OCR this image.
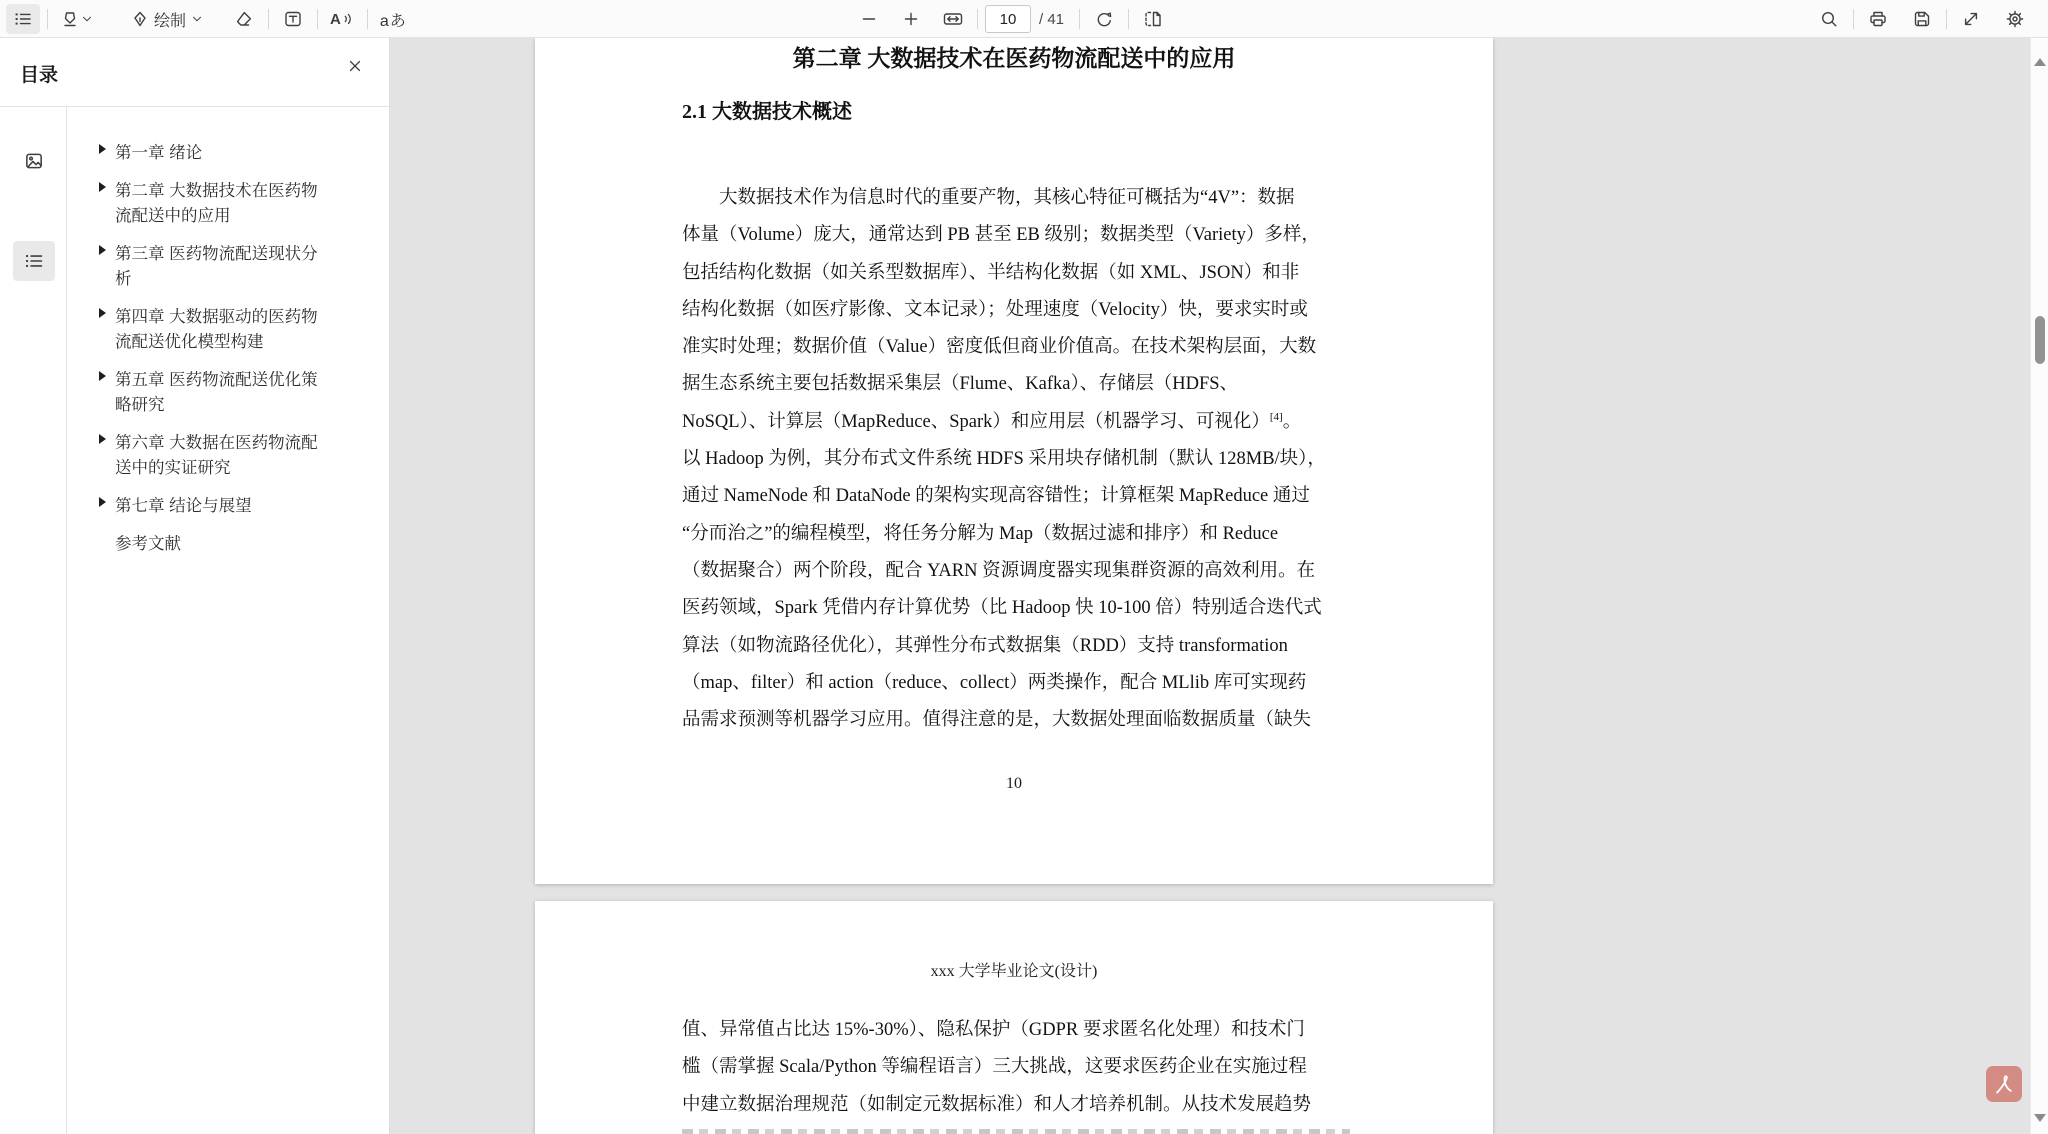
绘制	A aあ
10	/ 41
第二章 大数据技术在医药物流配送中的应用
2.1 大数据技术概述
大数据技术作为信息时代的重要产物，其核心特征可概括为“4V”：数据
体量（Volume）庞大，通常达到 PB 甚至 EB 级别；数据类型（Variety）多样，
包括结构化数据（如关系型数据库）、半结构化数据（如 XML、JSON）和非
结构化数据（如医疗影像、文本记录）；处理速度（Velocity）快，要求实时或
准实时处理；数据价值（Value）密度低但商业价值高。在技术架构层面，大数
据生态系统主要包括数据采集层（Flume、Kafka）、存储层（HDFS、
NoSQL）、计算层（MapReduce、Spark）和应用层（机器学习、可视化）[4]。
以 Hadoop 为例，其分布式文件系统 HDFS 采用块存储机制（默认 128MB/块），
通过 NameNode 和 DataNode 的架构实现高容错性；计算框架 MapReduce 通过
“分而治之”的编程模型，将任务分解为 Map（数据过滤和排序）和 Reduce
（数据聚合）两个阶段，配合 YARN 资源调度器实现集群资源的高效利用。在
医药领域，Spark 凭借内存计算优势（比 Hadoop 快 10-100 倍）特别适合迭代式
算法（如物流路径优化），其弹性分布式数据集（RDD）支持 transformation
（map、filter）和 action（reduce、collect）两类操作，配合 MLlib 库可实现药
品需求预测等机器学习应用。值得注意的是，大数据处理面临数据质量（缺失
10
xxx 大学毕业论文(设计)
值、异常值占比达 15%-30%）、隐私保护（GDPR 要求匿名化处理）和技术门
槛（需掌握 Scala/Python 等编程语言）三大挑战，这要求医药企业在实施过程
中建立数据治理规范（如制定元数据标准）和人才培养机制。从技术发展趋势
目录
第一章 绪论
第二章 大数据技术在医药物流配送中的应用
第三章 医药物流配送现状分析
第四章 大数据驱动的医药物流配送优化模型构建
第五章 医药物流配送优化策略研究
第六章 大数据在医药物流配送中的实证研究
第七章 结论与展望
参考文献
